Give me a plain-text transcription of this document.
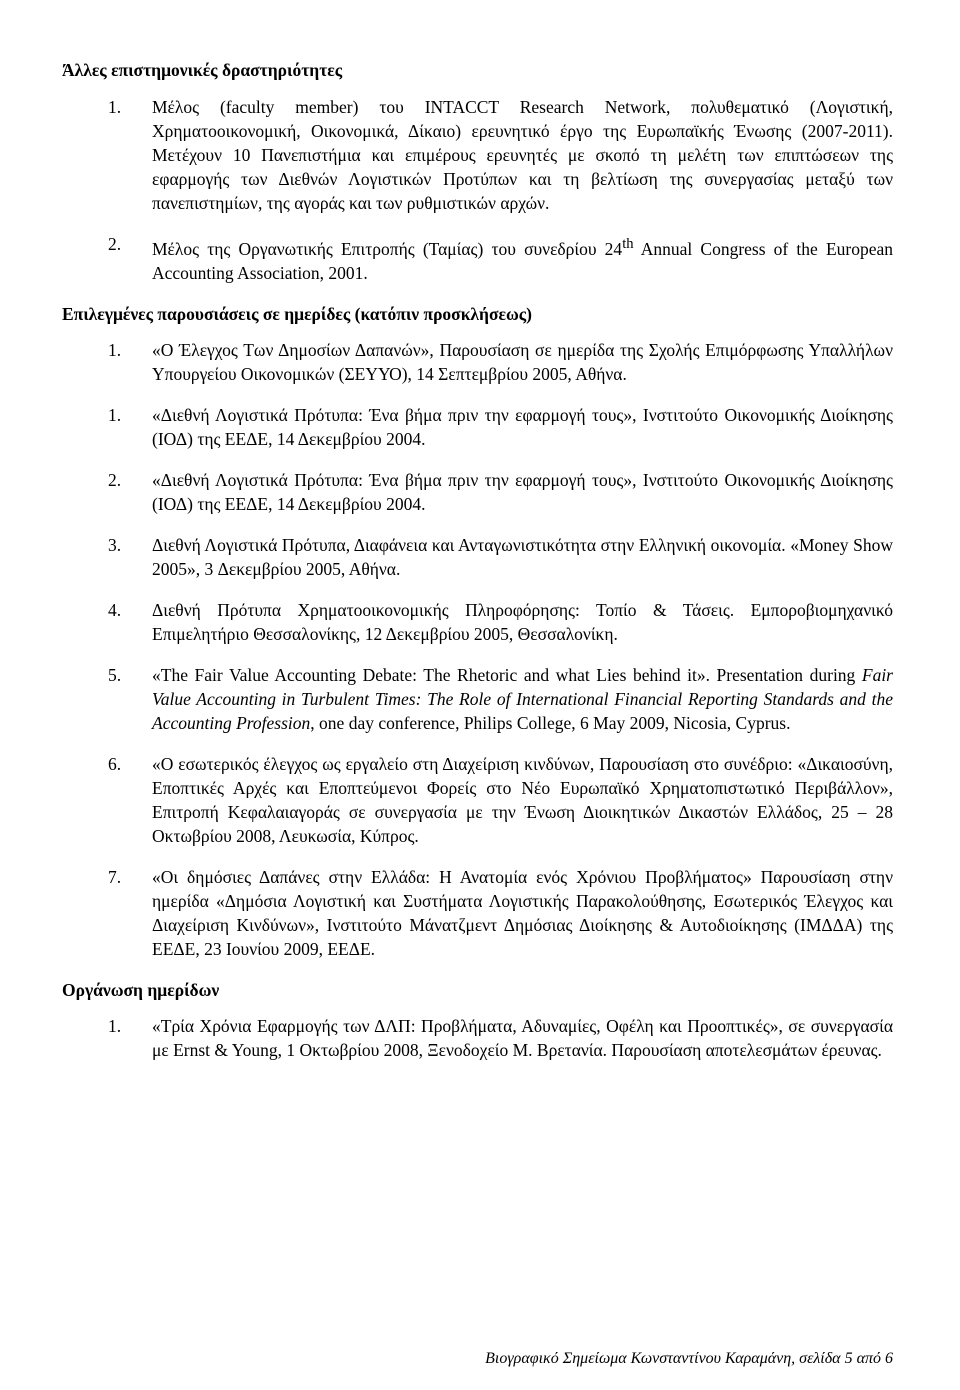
Άλλες επιστημονικές δραστηριότητες
1.	Μέλος (faculty member) του INTACCT Research Network, πολυθεματικό (Λογιστική, Χρηματοοικονομική, Οικονομικά, Δίκαιο) ερευνητικό έργο της Ευρωπαϊκής Ένωσης (2007-2011). Μετέχουν 10 Πανεπιστήμια και επιμέρους ερευνητές με σκοπό τη μελέτη των επιπτώσεων της εφαρμογής των Διεθνών Λογιστικών Προτύπων και τη βελτίωση της συνεργασίας μεταξύ των πανεπιστημίων, της αγοράς και των ρυθμιστικών αρχών.
2.	Μέλος της Οργανωτικής Επιτροπής (Ταμίας) του συνεδρίου 24th Annual Congress of the European Accounting Association, 2001.
Επιλεγμένες παρουσιάσεις σε ημερίδες (κατόπιν προσκλήσεως)
1.	«Ο Έλεγχος Των Δημοσίων Δαπανών», Παρουσίαση σε ημερίδα της Σχολής Επιμόρφωσης Υπαλλήλων Υπουργείου Οικονομικών (ΣΕΥΥΟ), 14 Σεπτεμβρίου 2005, Αθήνα.
1.	«Διεθνή Λογιστικά Πρότυπα: Ένα βήμα πριν την εφαρμογή τους», Ινστιτούτο Οικονομικής Διοίκησης (ΙΟΔ) της ΕΕΔΕ, 14 Δεκεμβρίου 2004.
2.	«Διεθνή Λογιστικά Πρότυπα: Ένα βήμα πριν την εφαρμογή τους», Ινστιτούτο Οικονομικής Διοίκησης (ΙΟΔ) της ΕΕΔΕ, 14 Δεκεμβρίου 2004.
3.	Διεθνή Λογιστικά Πρότυπα, Διαφάνεια και Ανταγωνιστικότητα στην Ελληνική οικονομία. «Money Show 2005», 3 Δεκεμβρίου 2005, Αθήνα.
4.	Διεθνή Πρότυπα Χρηματοοικονομικής Πληροφόρησης: Τοπίο & Τάσεις. Εμποροβιομηχανικό Επιμελητήριο Θεσσαλονίκης, 12 Δεκεμβρίου 2005, Θεσσαλονίκη.
5.	«The Fair Value Accounting Debate: The Rhetoric and what Lies behind it». Presentation during Fair Value Accounting in Turbulent Times: The Role of International Financial Reporting Standards and the Accounting Profession, one day conference, Philips College, 6 May 2009, Nicosia, Cyprus.
6.	«Ο εσωτερικός έλεγχος ως εργαλείο στη Διαχείριση κινδύνων, Παρουσίαση στο συνέδριο: «Δικαιοσύνη, Εποπτικές Αρχές και Εποπτεύμενοι Φορείς στο Νέο Ευρωπαϊκό Χρηματοπιστωτικό Περιβάλλον», Επιτροπή Κεφαλαιαγοράς σε συνεργασία με την Ένωση Διοικητικών Δικαστών Ελλάδος, 25 – 28 Οκτωβρίου 2008, Λευκωσία, Κύπρος.
7.	«Οι δημόσιες Δαπάνες στην Ελλάδα: Η Ανατομία ενός Χρόνιου Προβλήματος» Παρουσίαση στην ημερίδα «Δημόσια Λογιστική και Συστήματα Λογιστικής Παρακολούθησης, Εσωτερικός Έλεγχος και Διαχείριση Κινδύνων», Ινστιτούτο Μάνατζμεντ Δημόσιας Διοίκησης & Αυτοδιοίκησης (ΙΜΔΔΑ) της ΕΕΔΕ, 23 Ιουνίου 2009, ΕΕΔΕ.
Οργάνωση ημερίδων
1.	«Τρία Χρόνια Εφαρμογής των ΔΛΠ: Προβλήματα, Αδυναμίες, Οφέλη και Προοπτικές», σε συνεργασία με Ernst & Young, 1 Οκτωβρίου 2008, Ξενοδοχείο Μ. Βρετανία. Παρουσίαση αποτελεσμάτων έρευνας.
Βιογραφικό Σημείωμα Κωνσταντίνου Καραμάνη, σελίδα 5 από 6
